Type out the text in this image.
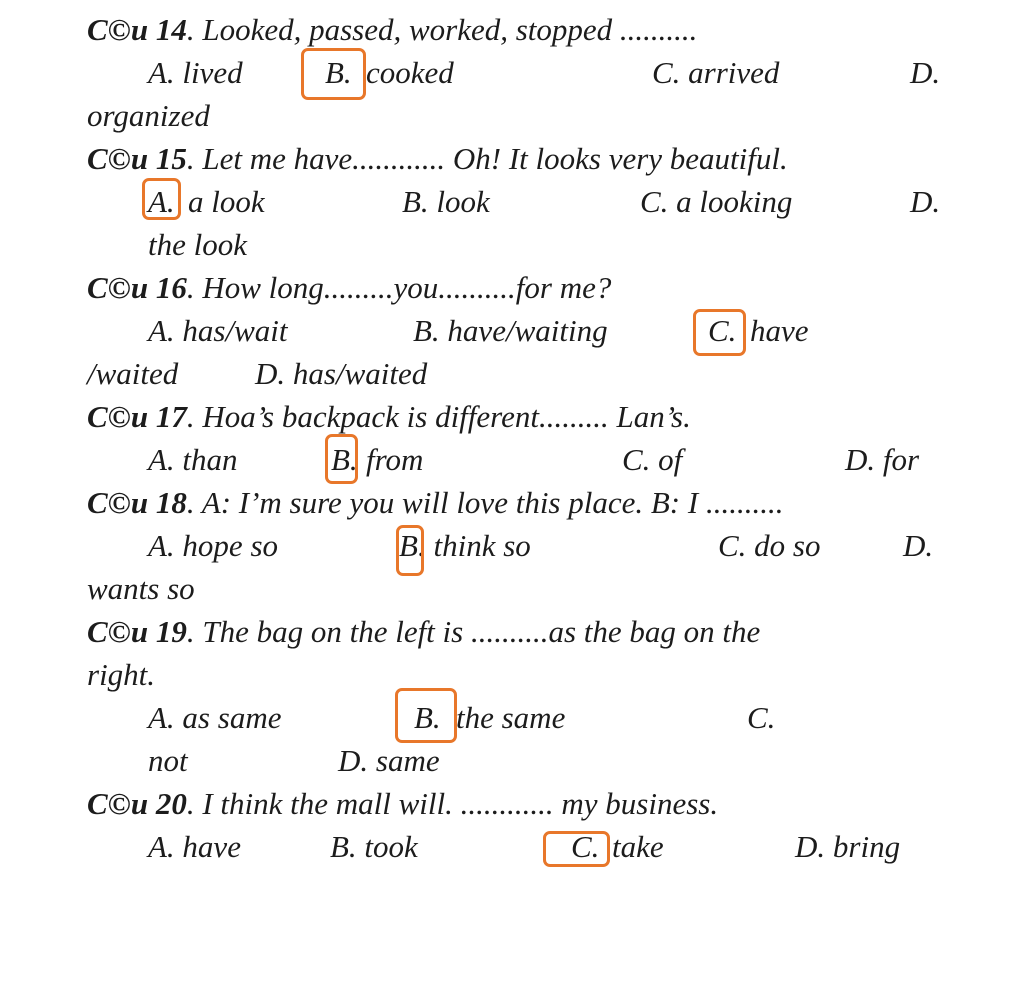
C©u 14. Looked, passed, worked, stopped ..........
A. lived	B. cooked	C. arrived	D.
organized
C©u 15. Let me have............ Oh! It looks very beautiful.
A. a look	B. look	C. a looking	D.
the look
C©u 16. How long.........you..........for me?
A. has/wait	B. have/waiting	C. have
/waited D. has/waited
C©u 17. Hoa’s backpack is different......... Lan’s.
A. than	B. from	C. of	D. for
C©u 18. A: I’m sure you will love this place. B: I ..........
A. hope so	B . think so	C. do so	D.
wants so
C©u 19. The bag on the left is ..........as the bag on the
right.
A. as same	B. the same	C.
not	D. same
C©u 20. I think the mall will. ............ my business.
A. have	B. took	C. take	D. bring
